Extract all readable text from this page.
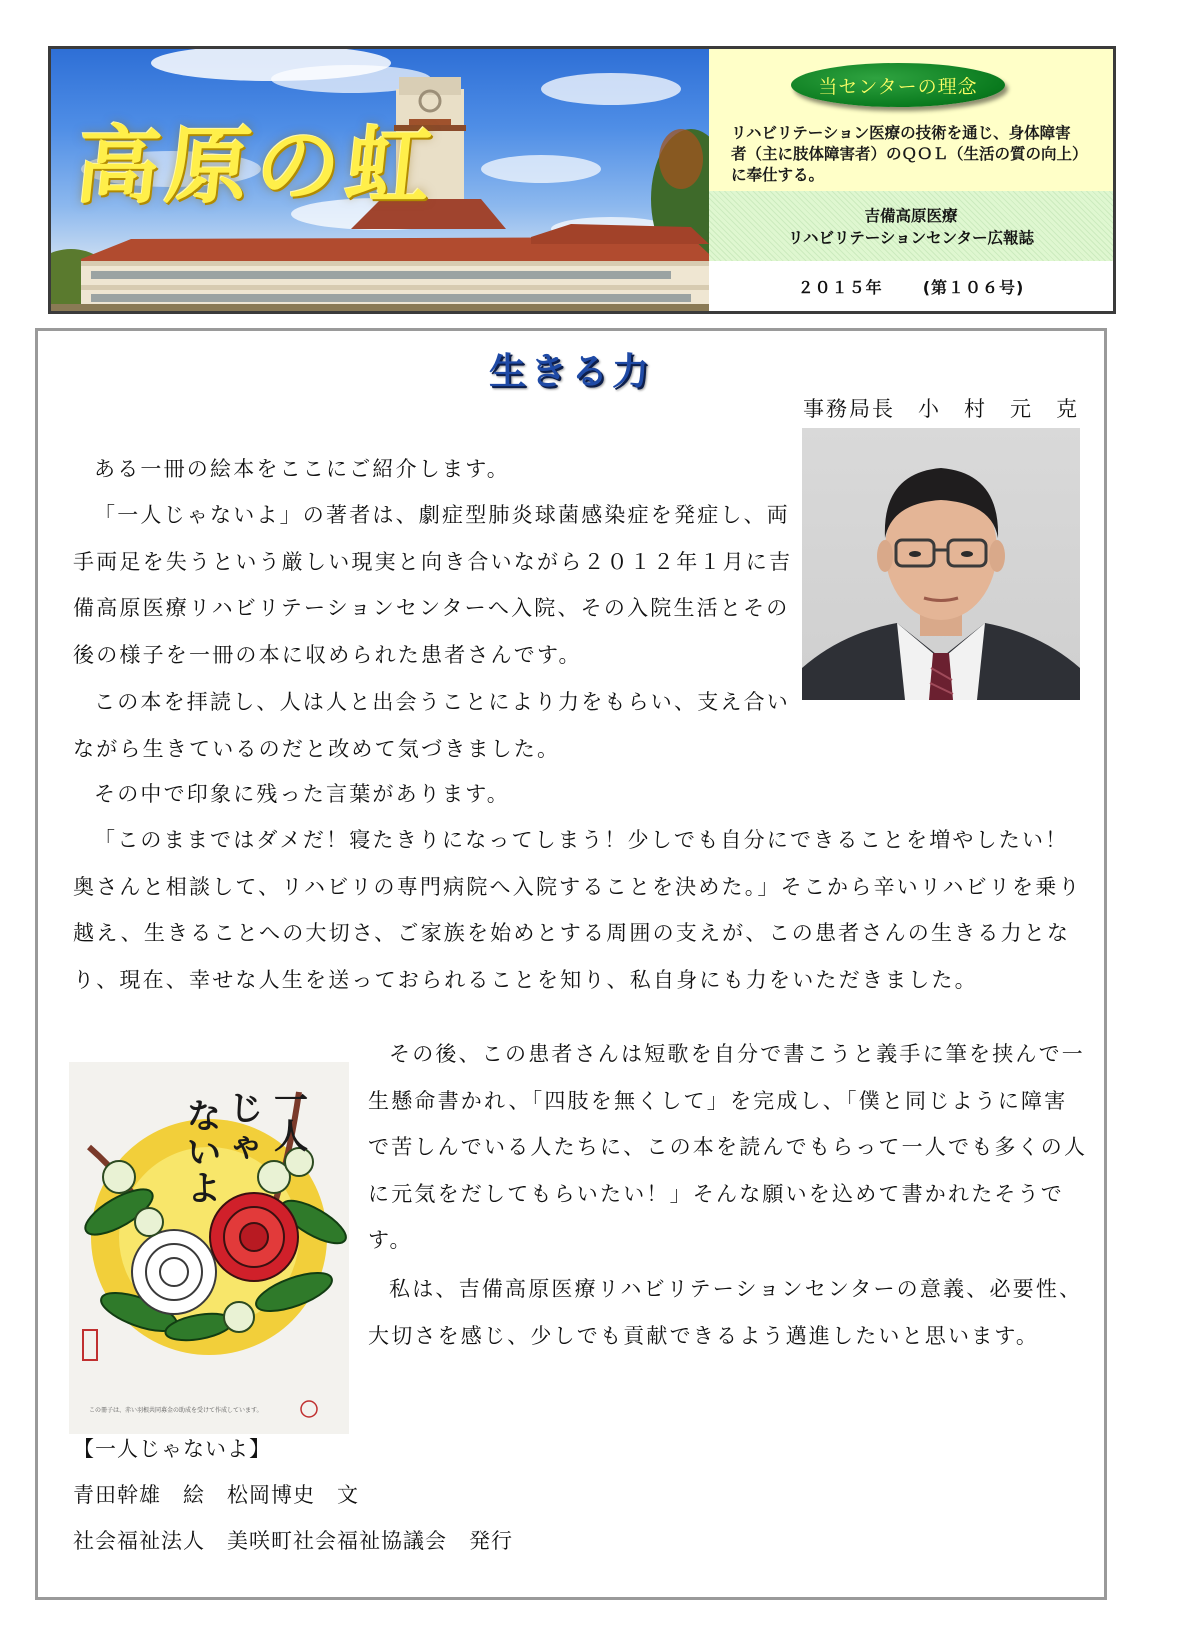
高原の虹
当センターの理念
リハビリテーション医療の技術を通じ、身体障害者（主に肢体障害者）のＱＯＬ（生活の質の向上）に奉仕する。
吉備高原医療
リハビリテーションセンター広報誌
２０１５年	(第１０６号)
生きる力
事務局長　小　村　元　克

ある一冊の絵本をここにご紹介します。

「一人じゃないよ」の著者は、劇症型肺炎球菌感染症を発症し、両手両足を失うという厳しい現実と向き合いながら２０１２年１月に吉備高原医療リハビリテーションセンターへ入院、その入院生活とその後の様子を一冊の本に収められた患者さんです。

この本を拝読し、人は人と出会うことにより力をもらい、支え合いながら生きているのだと改めて気づきました。

その中で印象に残った言葉があります。

「このままではダメだ！寝たきりになってしまう！少しでも自分にできることを増やしたい！奥さんと相談して、リハビリの専門病院へ入院することを決めた。」そこから辛いリハビリを乗り越え、生きることへの大切さ、ご家族を始めとする周囲の支えが、この患者さんの生きる力となり、現在、幸せな人生を送っておられることを知り、私自身にも力をいただきました。

その後、この患者さんは短歌を自分で書こうと義手に筆を挟んで一生懸命書かれ、「四肢を無くして」を完成し、「僕と同じように障害で苦しんでいる人たちに、この本を読んでもらって一人でも多くの人に元気をだしてもらいたい！」そんな願いを込めて書かれたそうです。

私は、吉備高原医療リハビリテーションセンターの意義、必要性、大切さを感じ、少しでも貢献できるよう邁進したいと思います。

一人じゃないよ
この冊子は、赤い羽根共同募金の助成を受けて作成しています。
【一人じゃないよ】
青田幹雄　絵　松岡博史　文
社会福祉法人　美咲町社会福祉協議会　発行
